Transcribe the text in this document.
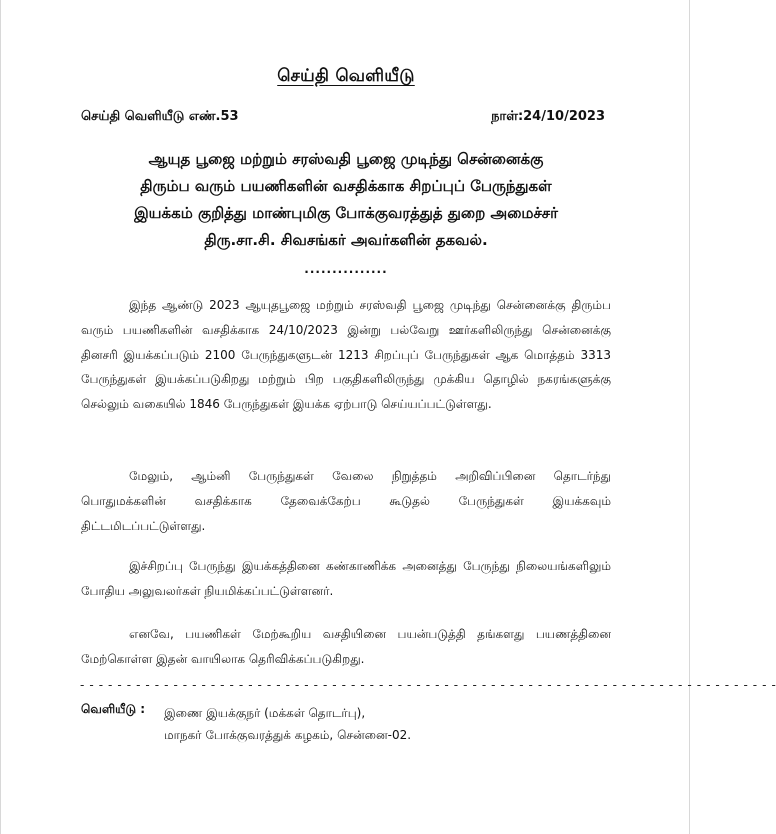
செய்தி வெளியீடு
செய்தி வெளியீடு எண்.53	நாள்:24/10/2023
ஆயுத பூஜை மற்றும் சரஸ்வதி பூஜை முடிந்து சென்னைக்கு
திரும்ப வரும் பயணிகளின் வசதிக்காக சிறப்புப் பேருந்துகள்
இயக்கம் குறித்து மாண்புமிகு போக்குவரத்துத் துறை அமைச்சர்
திரு.சா.சி. சிவசங்கர் அவர்களின் தகவல்.
...............
இந்த ஆண்டு 2023 ஆயுதபூஜை மற்றும் சரஸ்வதி பூஜை முடிந்து சென்னைக்கு திரும்ப வரும் பயணிகளின் வசதிக்காக 24/10/2023 இன்று பல்வேறு ஊர்களிலிருந்து சென்னைக்கு தினசரி இயக்கப்படும் 2100 பேருந்துகளுடன் 1213 சிறப்புப் பேருந்துகள் ஆக மொத்தம் 3313 பேருந்துகள் இயக்கப்படுகிறது மற்றும் பிற பகுதிகளிலிருந்து முக்கிய தொழில் நகரங்களுக்கு செல்லும் வகையில் 1846 பேருந்துகள் இயக்க ஏற்பாடு செய்யப்பட்டுள்ளது.
மேலும், ஆம்னி பேருந்துகள் வேலை நிறுத்தம் அறிவிப்பினை தொடர்ந்து பொதுமக்களின் வசதிக்காக தேவைக்கேற்ப கூடுதல் பேருந்துகள் இயக்கவும் திட்டமிடப்பட்டுள்ளது.
இச்சிறப்பு பேருந்து இயக்கத்தினை கண்காணிக்க அனைத்து பேருந்து நிலையங்களிலும் போதிய அலுவலர்கள் நியமிக்கப்பட்டுள்ளனர்.
எனவே, பயணிகள் மேற்கூறிய வசதியினை பயன்படுத்தி தங்களது பயணத்தினை மேற்கொள்ள இதன் வாயிலாக தெரிவிக்கப்படுகிறது.
- - - - - - - - - - - - - - - - - - - - - - - - - - - - - - - - - - - - - - - - - - - - - - - - - - - - - - - - - - - - - - - - - - - - - - - - - - -
வெளியீடு : இணை இயக்குநர் (மக்கள் தொடர்பு),
மாநகர் போக்குவரத்துக் கழகம், சென்னை-02.
